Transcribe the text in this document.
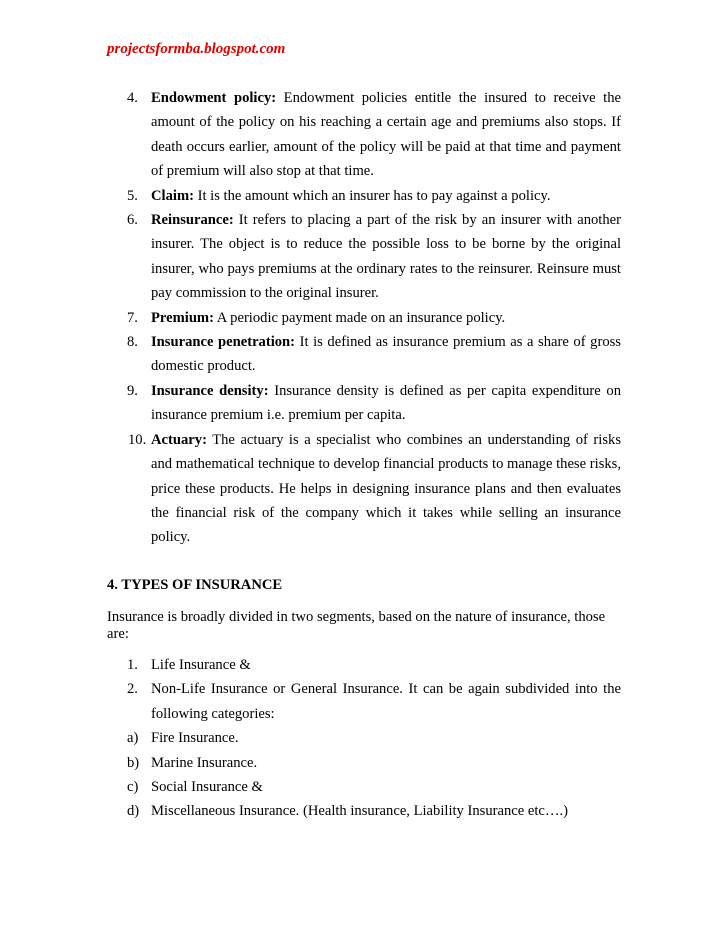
projectsformba.blogspot.com
4. Endowment policy: Endowment policies entitle the insured to receive the amount of the policy on his reaching a certain age and premiums also stops. If death occurs earlier, amount of the policy will be paid at that time and payment of premium will also stop at that time.
5. Claim: It is the amount which an insurer has to pay against a policy.
6. Reinsurance: It refers to placing a part of the risk by an insurer with another insurer. The object is to reduce the possible loss to be borne by the original insurer, who pays premiums at the ordinary rates to the reinsurer. Reinsure must pay commission to the original insurer.
7. Premium: A periodic payment made on an insurance policy.
8. Insurance penetration: It is defined as insurance premium as a share of gross domestic product.
9. Insurance density: Insurance density is defined as per capita expenditure on insurance premium i.e. premium per capita.
10. Actuary: The actuary is a specialist who combines an understanding of risks and mathematical technique to develop financial products to manage these risks, price these products. He helps in designing insurance plans and then evaluates the financial risk of the company which it takes while selling an insurance policy.
4. TYPES OF INSURANCE
Insurance is broadly divided in two segments, based on the nature of insurance, those are:
1. Life Insurance &
2. Non-Life Insurance or General Insurance. It can be again subdivided into the following categories:
a) Fire Insurance.
b) Marine Insurance.
c) Social Insurance &
d) Miscellaneous Insurance. (Health insurance, Liability Insurance etc….)
